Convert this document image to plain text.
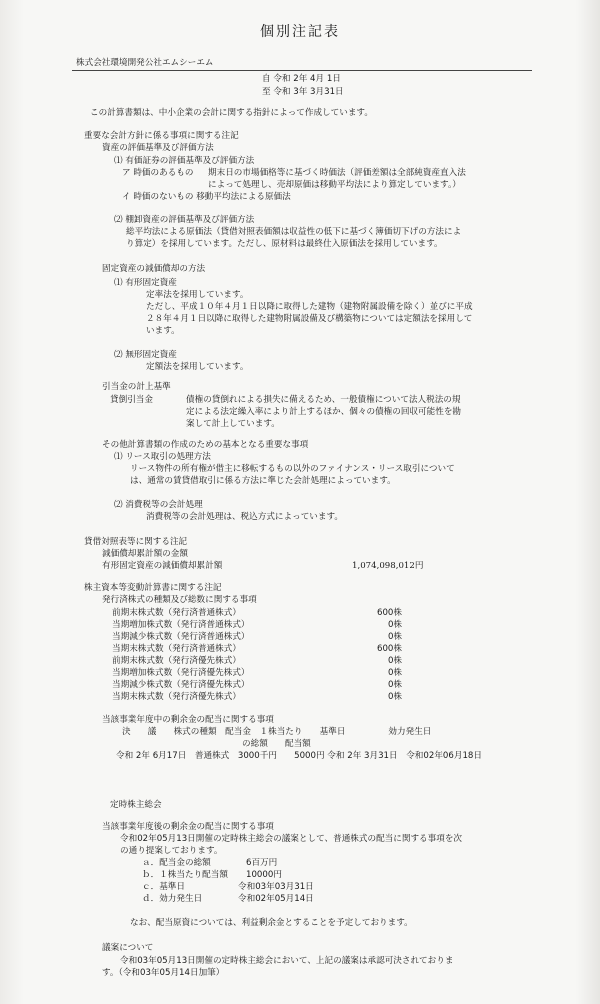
個別注記表
株式会社環境開発公社エムシーエム
自 令和 2年 4月 1日
至 令和 3年 3月31日
この計算書類は、中小企業の会計に関する指針によって作成しています。
重要な会計方針に係る事項に関する注記
資産の評価基準及び評価方法
⑴ 有価証券の評価基準及び評価方法
ア 時価のあるもの 期末日の市場価格等に基づく時価法（評価差額は全部純資産直入法
によって処理し、売却原価は移動平均法により算定しています。）
イ 時価のないもの 移動平均法による原価法
⑵ 棚卸資産の評価基準及び評価方法
総平均法による原価法（貸借対照表価額は収益性の低下に基づく簿価切下げの方法によ
り算定）を採用しています。ただし、原材料は最終仕入原価法を採用しています。
固定資産の減価償却の方法
⑴ 有形固定資産
定率法を採用しています。
ただし、平成１０年４月１日以降に取得した建物（建物附属設備を除く）並びに平成
２８年４月１日以降に取得した建物附属設備及び構築物については定額法を採用して
います。
⑵ 無形固定資産
定額法を採用しています。
引当金の計上基準
貸倒引当金	債権の貸倒れによる損失に備えるため、一般債権について法人税法の規
定による法定繰入率により計上するほか、個々の債権の回収可能性を勘
案して計上しています。
その他計算書類の作成のための基本となる重要な事項
⑴ リース取引の処理方法
リース物件の所有権が借主に移転するもの以外のファイナンス・リース取引について
は、通常の賃貸借取引に係る方法に準じた会計処理によっています。
⑵ 消費税等の会計処理
消費税等の会計処理は、税込方式によっています。
貸借対照表等に関する注記
減価償却累計額の金額
有形固定資産の減価償却累計額	1,074,098,012円
株主資本等変動計算書に関する注記
発行済株式の種類及び総数に関する事項
前期末株式数（発行済普通株式）	600株
当期増加株式数（発行済普通株式）	0株
当期減少株式数（発行済普通株式）	0株
当期末株式数（発行済普通株式）	600株
前期末株式数（発行済優先株式）	0株
当期増加株式数（発行済優先株式）	0株
当期減少株式数（発行済優先株式）	0株
当期末株式数（発行済優先株式）	0株
当該事業年度中の剰余金の配当に関する事項
決　　議　　株式の種類　配当金　１株当たり　　基準日　　　　　効力発生日
の総額　　配当額
令和 2年 6月17日　普通株式　3000千円　　5000円 令和 2年 3月31日　令和02年06月18日
定時株主総会
当該事業年度後の剰余金の配当に関する事項
令和02年05月13日開催の定時株主総会の議案として、普通株式の配当に関する事項を次
の通り提案しております。
ａ．配当金の総額	6百万円
ｂ．１株当たり配当額 10000円
ｃ．基準日	令和03年03月31日
ｄ．効力発生日	令和02年05月14日
なお、配当原資については、利益剰余金とすることを予定しております。
議案について
令和03年05月13日開催の定時株主総会において、上記の議案は承認可決されておりま
す。（令和03年05月14日加筆）
